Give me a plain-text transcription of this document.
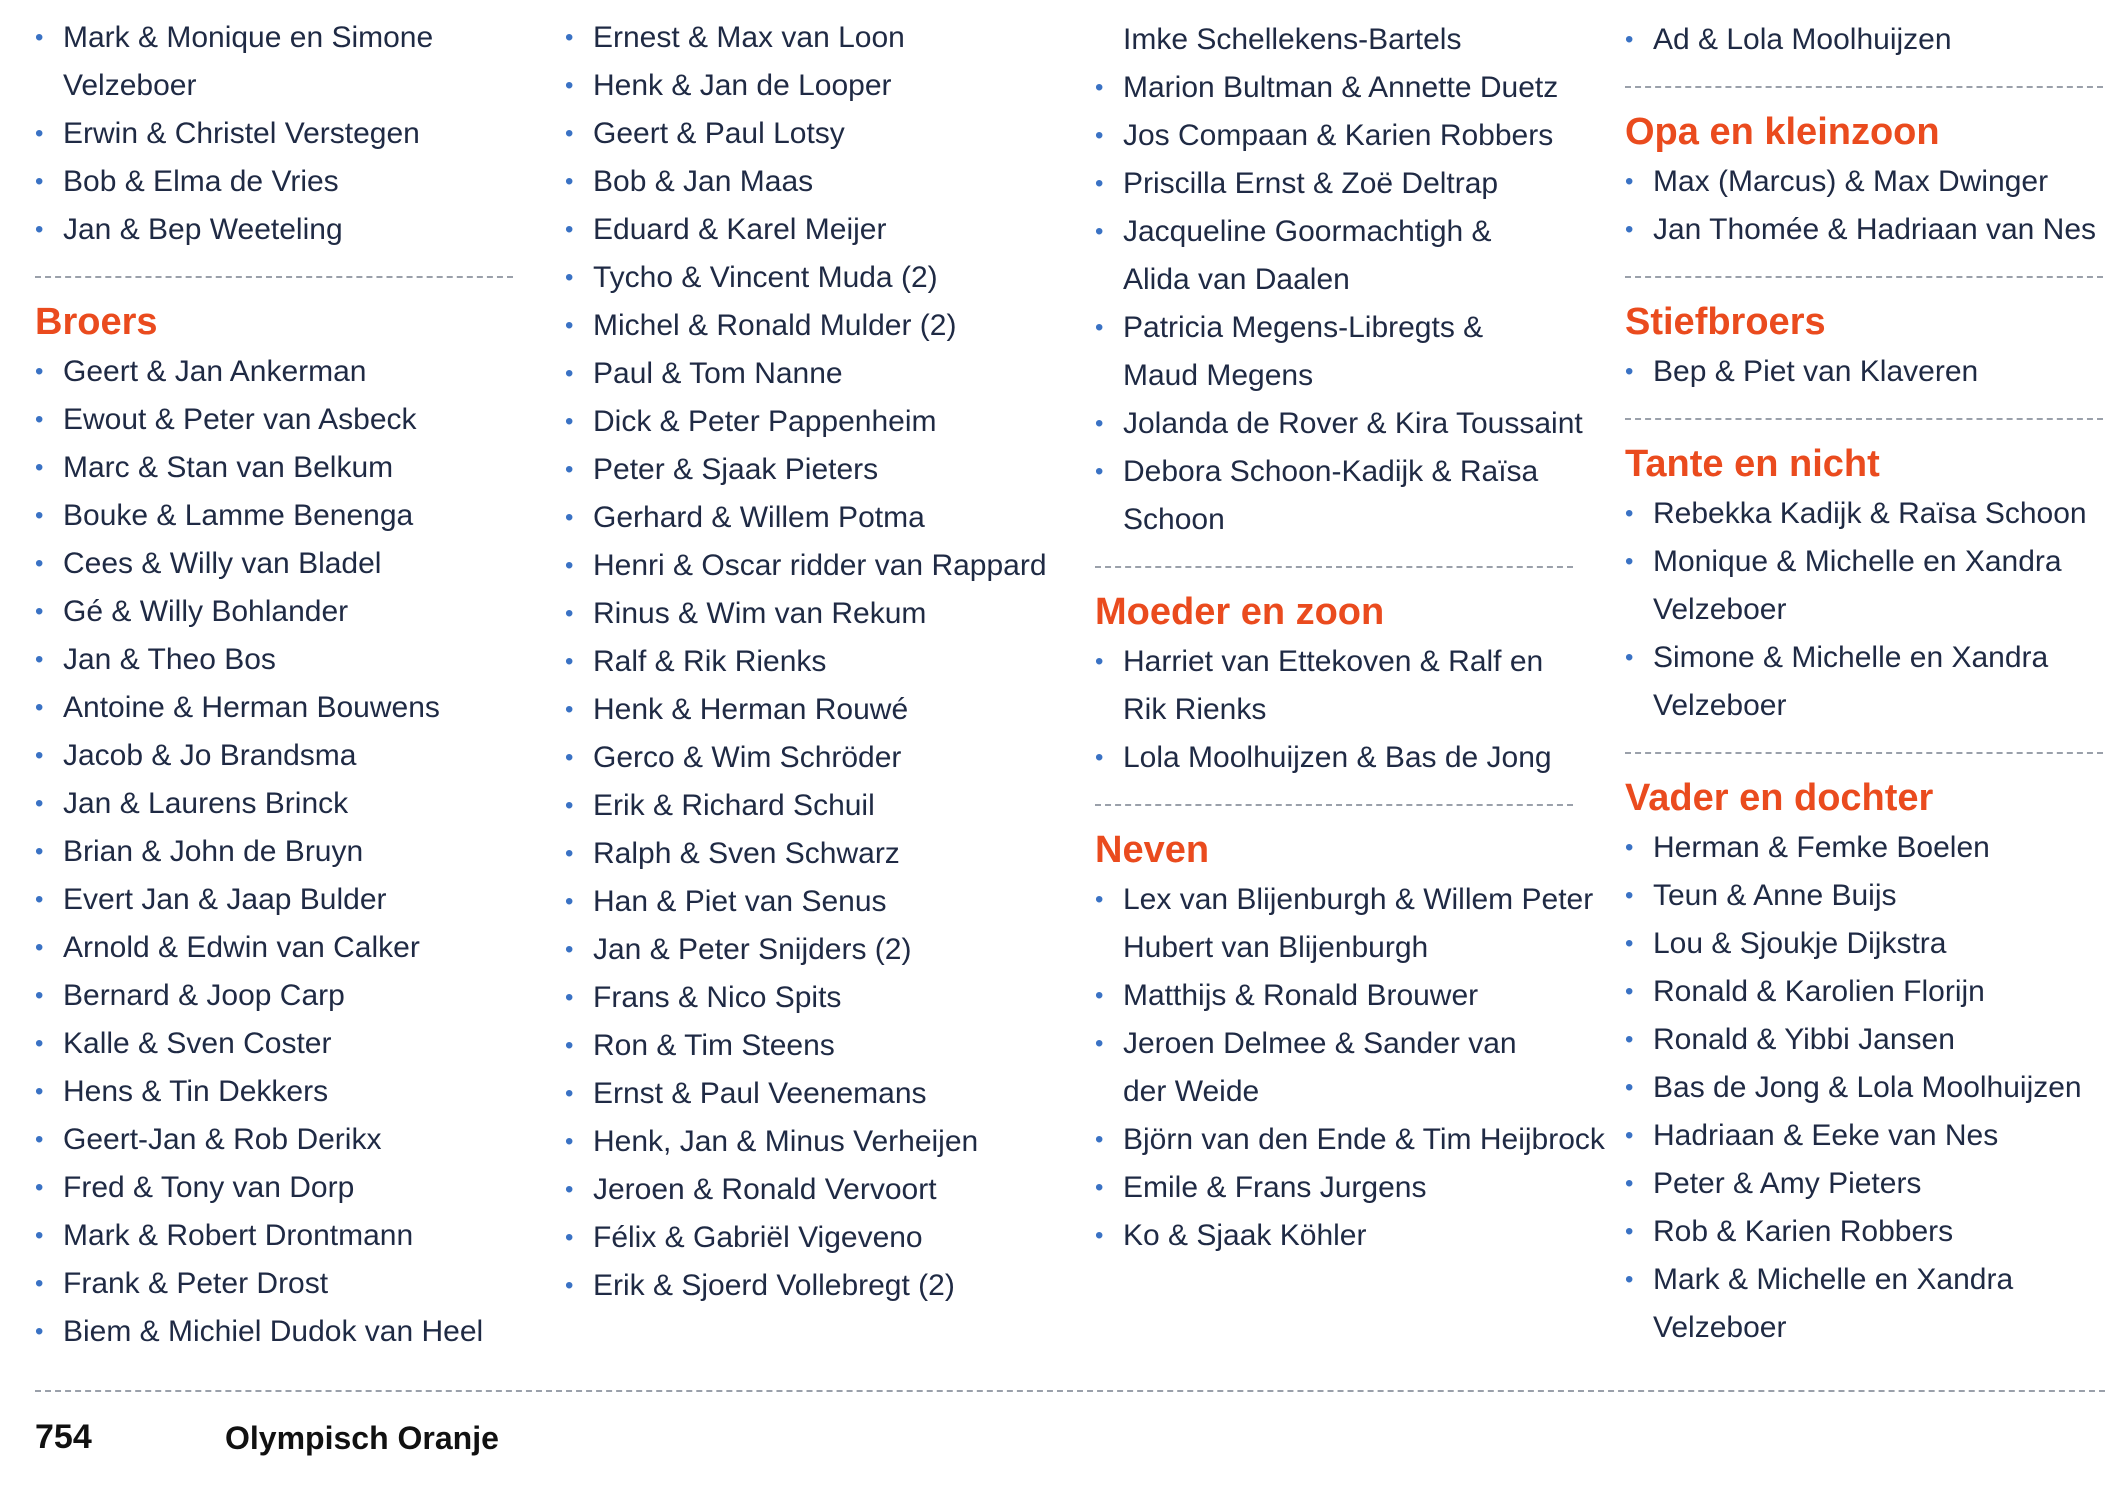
• Mark & Monique en Simone
Velzeboer
• Erwin & Christel Verstegen
• Bob & Elma de Vries
• Jan & Bep Weeteling
Broers
• Geert & Jan Ankerman
• Ewout & Peter van Asbeck
• Marc & Stan van Belkum
• Bouke & Lamme Benenga
• Cees & Willy van Bladel
• Gé & Willy Bohlander
• Jan & Theo Bos
• Antoine & Herman Bouwens
• Jacob & Jo Brandsma
• Jan & Laurens Brinck
• Brian & John de Bruyn
• Evert Jan & Jaap Bulder
• Arnold & Edwin van Calker
• Bernard & Joop Carp
• Kalle & Sven Coster
• Hens & Tin Dekkers
• Geert-Jan & Rob Derikx
• Fred & Tony van Dorp
• Mark & Robert Drontmann
• Frank & Peter Drost
• Biem & Michiel Dudok van Heel
• Ernest & Max van Loon
• Henk & Jan de Looper
• Geert & Paul Lotsy
• Bob & Jan Maas
• Eduard & Karel Meijer
• Tycho & Vincent Muda (2)
• Michel & Ronald Mulder (2)
• Paul & Tom Nanne
• Dick & Peter Pappenheim
• Peter & Sjaak Pieters
• Gerhard & Willem Potma
• Henri & Oscar ridder van Rappard
• Rinus & Wim van Rekum
• Ralf & Rik Rienks
• Henk & Herman Rouwé
• Gerco & Wim Schröder
• Erik & Richard Schuil
• Ralph & Sven Schwarz
• Han & Piet van Senus
• Jan & Peter Snijders (2)
• Frans & Nico Spits
• Ron & Tim Steens
• Ernst & Paul Veenemans
• Henk, Jan & Minus Verheijen
• Jeroen & Ronald Vervoort
• Félix & Gabriël Vigeveno
• Erik & Sjoerd Vollebregt (2)
Imke Schellekens-Bartels
• Marion Bultman & Annette Duetz
• Jos Compaan & Karien Robbers
• Priscilla Ernst & Zoë Deltrap
• Jacqueline Goormachtigh &
Alida van Daalen
• Patricia Megens-Libregts &
Maud Megens
• Jolanda de Rover & Kira Toussaint
• Debora Schoon-Kadijk & Raïsa
Schoon
Moeder en zoon
• Harriet van Ettekoven & Ralf en
Rik Rienks
• Lola Moolhuijzen & Bas de Jong
Neven
• Lex van Blijenburgh & Willem Peter
Hubert van Blijenburgh
• Matthijs & Ronald Brouwer
• Jeroen Delmee & Sander van
der Weide
• Björn van den Ende & Tim Heijbrock
• Emile & Frans Jurgens
• Ko & Sjaak Köhler
• Ad & Lola Moolhuijzen
Opa en kleinzoon
• Max (Marcus) & Max Dwinger
• Jan Thomée & Hadriaan van Nes
Stiefbroers
• Bep & Piet van Klaveren
Tante en nicht
• Rebekka Kadijk & Raïsa Schoon
• Monique & Michelle en Xandra
Velzeboer
• Simone & Michelle en Xandra
Velzeboer
Vader en dochter
• Herman & Femke Boelen
• Teun & Anne Buijs
• Lou & Sjoukje Dijkstra
• Ronald & Karolien Florijn
• Ronald & Yibbi Jansen
• Bas de Jong & Lola Moolhuijzen
• Hadriaan & Eeke van Nes
• Peter & Amy Pieters
• Rob & Karien Robbers
• Mark & Michelle en Xandra
Velzeboer
754	Olympisch Oranje
